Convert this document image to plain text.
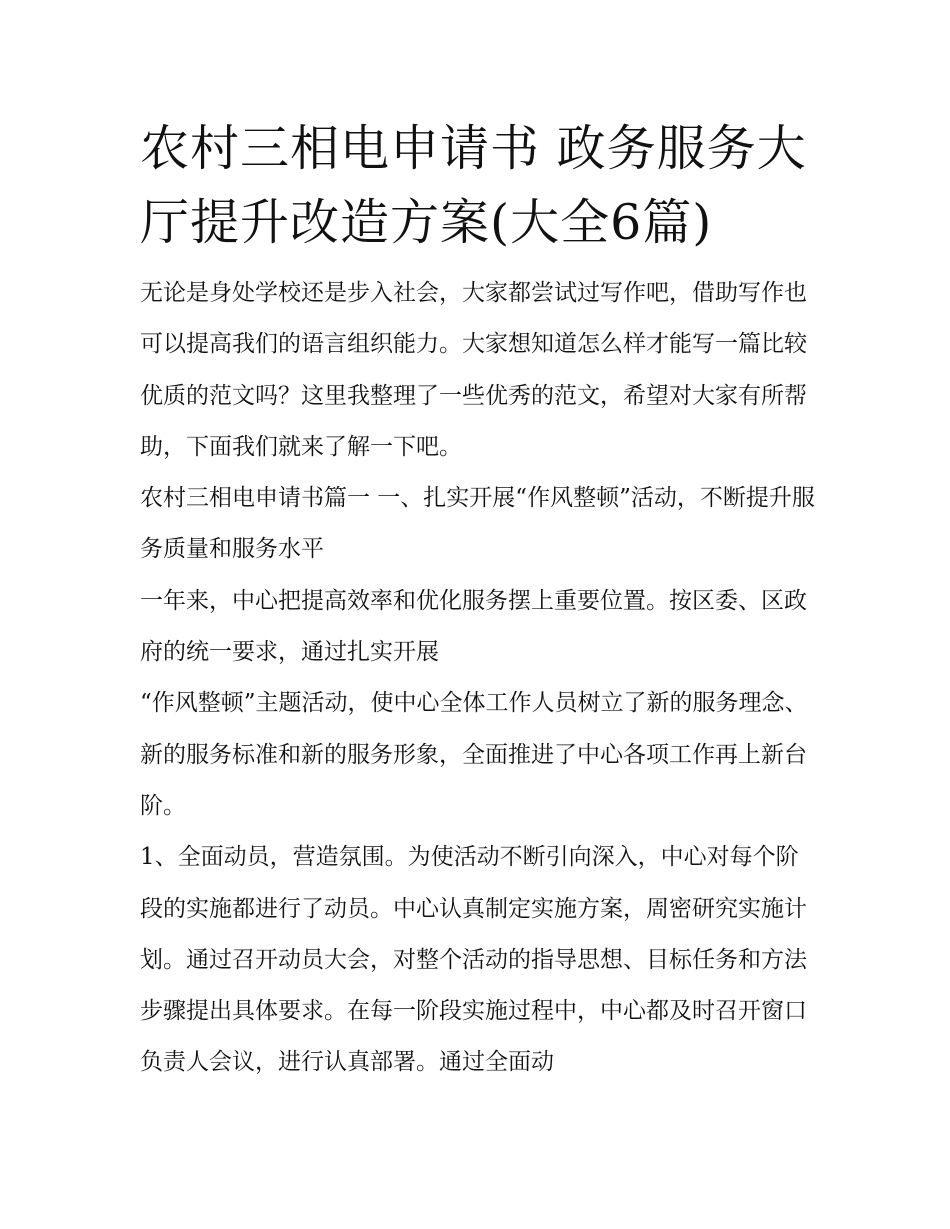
农村三相电申请书 政务服务大厅提升改造方案(大全6篇)

无论是身处学校还是步入社会，大家都尝试过写作吧，借助写作也可以提高我们的语言组织能力。大家想知道怎么样才能写一篇比较优质的范文吗？这里我整理了一些优秀的范文，希望对大家有所帮助，下面我们就来了解一下吧。

农村三相电申请书篇一 一、扎实开展“作风整顿”活动，不断提升服务质量和服务水平

一年来，中心把提高效率和优化服务摆上重要位置。按区委、区政府的统一要求，通过扎实开展

“作风整顿”主题活动，使中心全体工作人员树立了新的服务理念、新的服务标准和新的服务形象，全面推进了中心各项工作再上新台阶。

1、全面动员，营造氛围。为使活动不断引向深入，中心对每个阶段的实施都进行了动员。中心认真制定实施方案，周密研究实施计划。通过召开动员大会，对整个活动的指导思想、目标任务和方法步骤提出具体要求。在每一阶段实施过程中，中心都及时召开窗口负责人会议，进行认真部署。通过全面动
